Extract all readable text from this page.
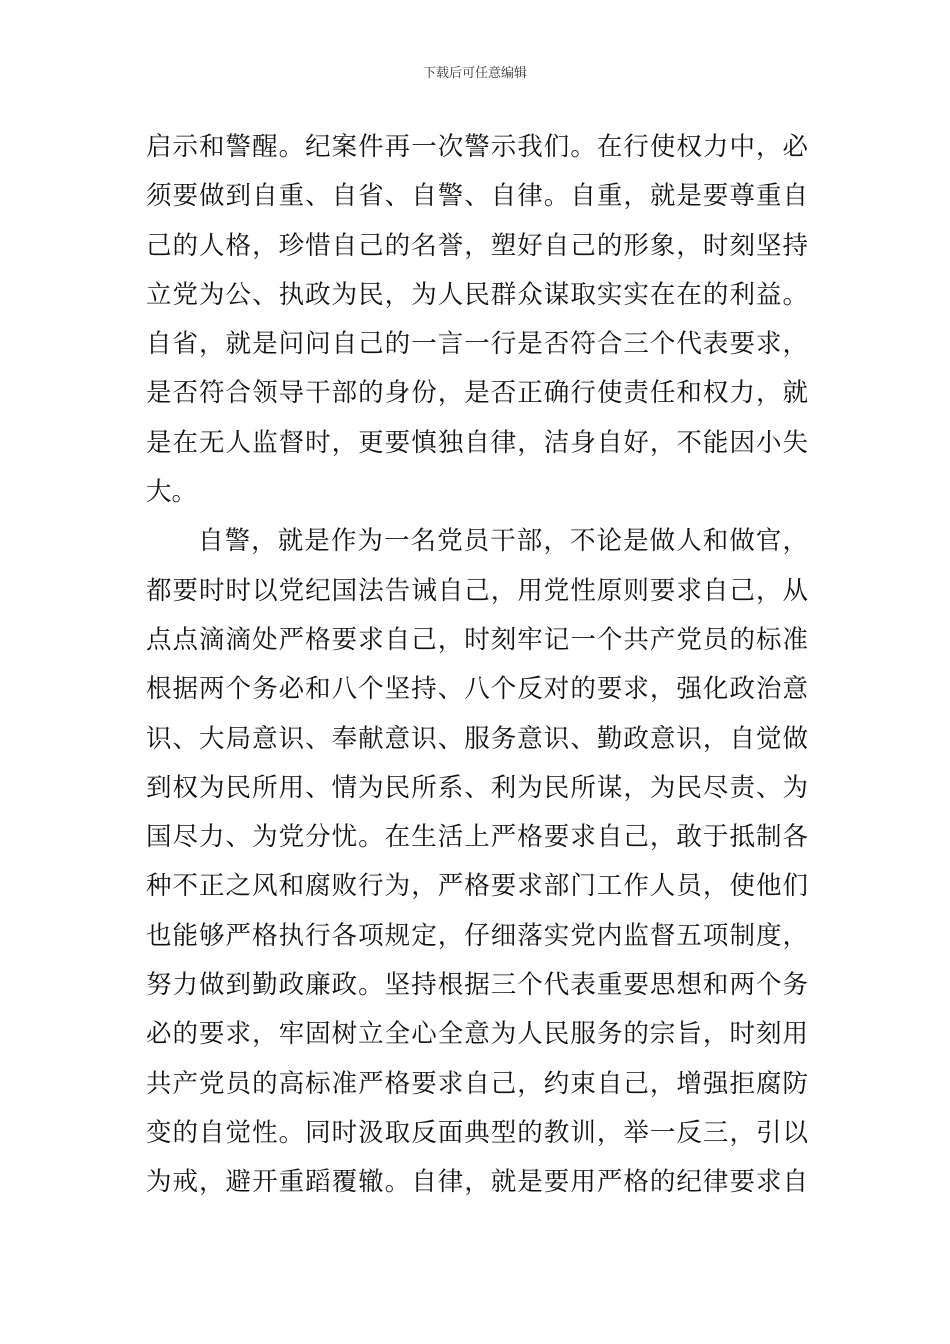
下载后可任意编辑
启示和警醒。纪案件再一次警示我们。在行使权力中，必
须要做到自重、自省、自警、自律。自重，就是要尊重自
己的人格，珍惜自己的名誉，塑好自己的形象，时刻坚持
立党为公、执政为民，为人民群众谋取实实在在的利益。
自省，就是问问自己的一言一行是否符合三个代表要求，
是否符合领导干部的身份，是否正确行使责任和权力，就
是在无人监督时，更要慎独自律，洁身自好，不能因小失
大。
自警，就是作为一名党员干部，不论是做人和做官，
都要时时以党纪国法告诫自己，用党性原则要求自己，从
点点滴滴处严格要求自己，时刻牢记一个共产党员的标准
根据两个务必和八个坚持、八个反对的要求，强化政治意
识、大局意识、奉献意识、服务意识、勤政意识，自觉做
到权为民所用、情为民所系、利为民所谋，为民尽责、为
国尽力、为党分忧。在生活上严格要求自己，敢于抵制各
种不正之风和腐败行为，严格要求部门工作人员，使他们
也能够严格执行各项规定，仔细落实党内监督五项制度，
努力做到勤政廉政。坚持根据三个代表重要思想和两个务
必的要求，牢固树立全心全意为人民服务的宗旨，时刻用
共产党员的高标准严格要求自己，约束自己，增强拒腐防
变的自觉性。同时汲取反面典型的教训，举一反三，引以
为戒，避开重蹈覆辙。自律，就是要用严格的纪律要求自
